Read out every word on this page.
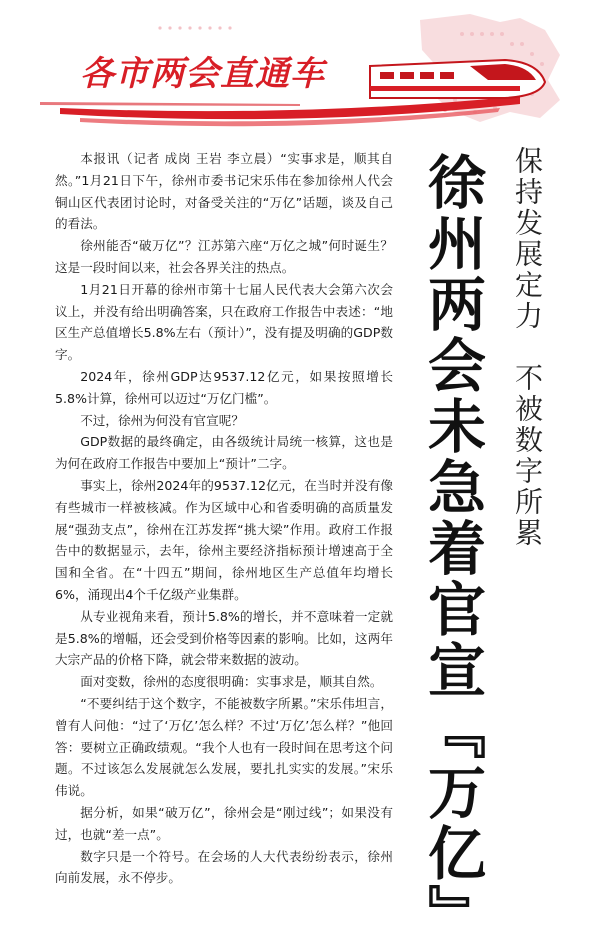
各市两会直通车
保持发展定力　不被数字所累
徐州两会未急着官宣『万亿』

本报讯（记者 成岗 王岩 李立晨）“实事求是，顺其自然。”1月21日下午，徐州市委书记宋乐伟在参加徐州人代会铜山区代表团讨论时，对备受关注的“万亿”话题，谈及自己的看法。

徐州能否“破万亿”？江苏第六座“万亿之城”何时诞生？这是一段时间以来，社会各界关注的热点。

1月21日开幕的徐州市第十七届人民代表大会第六次会议上，并没有给出明确答案，只在政府工作报告中表述：“地区生产总值增长5.8%左右（预计）”，没有提及明确的GDP数字。

2024年，徐州GDP达9537.12亿元，如果按照增长5.8%计算，徐州可以迈过“万亿门槛”。

不过，徐州为何没有官宣呢？

GDP数据的最终确定，由各级统计局统一核算，这也是为何在政府工作报告中要加上“预计”二字。

事实上，徐州2024年的9537.12亿元，在当时并没有像有些城市一样被核减。作为区域中心和省委明确的高质量发展“强劲支点”，徐州在江苏发挥“挑大梁”作用。政府工作报告中的数据显示，去年，徐州主要经济指标预计增速高于全国和全省。在“十四五”期间，徐州地区生产总值年均增长6%，涌现出4个千亿级产业集群。

从专业视角来看，预计5.8%的增长，并不意味着一定就是5.8%的增幅，还会受到价格等因素的影响。比如，这两年大宗产品的价格下降，就会带来数据的波动。

面对变数，徐州的态度很明确：实事求是，顺其自然。

“不要纠结于这个数字，不能被数字所累。”宋乐伟坦言，曾有人问他：“过了‘万亿’怎么样？不过‘万亿’怎么样？”他回答：要树立正确政绩观。“我个人也有一段时间在思考这个问题。不过该怎么发展就怎么发展，要扎扎实实的发展。”宋乐伟说。

据分析，如果“破万亿”，徐州会是“刚过线”；如果没有过，也就“差一点”。

数字只是一个符号。在会场的人大代表纷纷表示，徐州向前发展，永不停步。
